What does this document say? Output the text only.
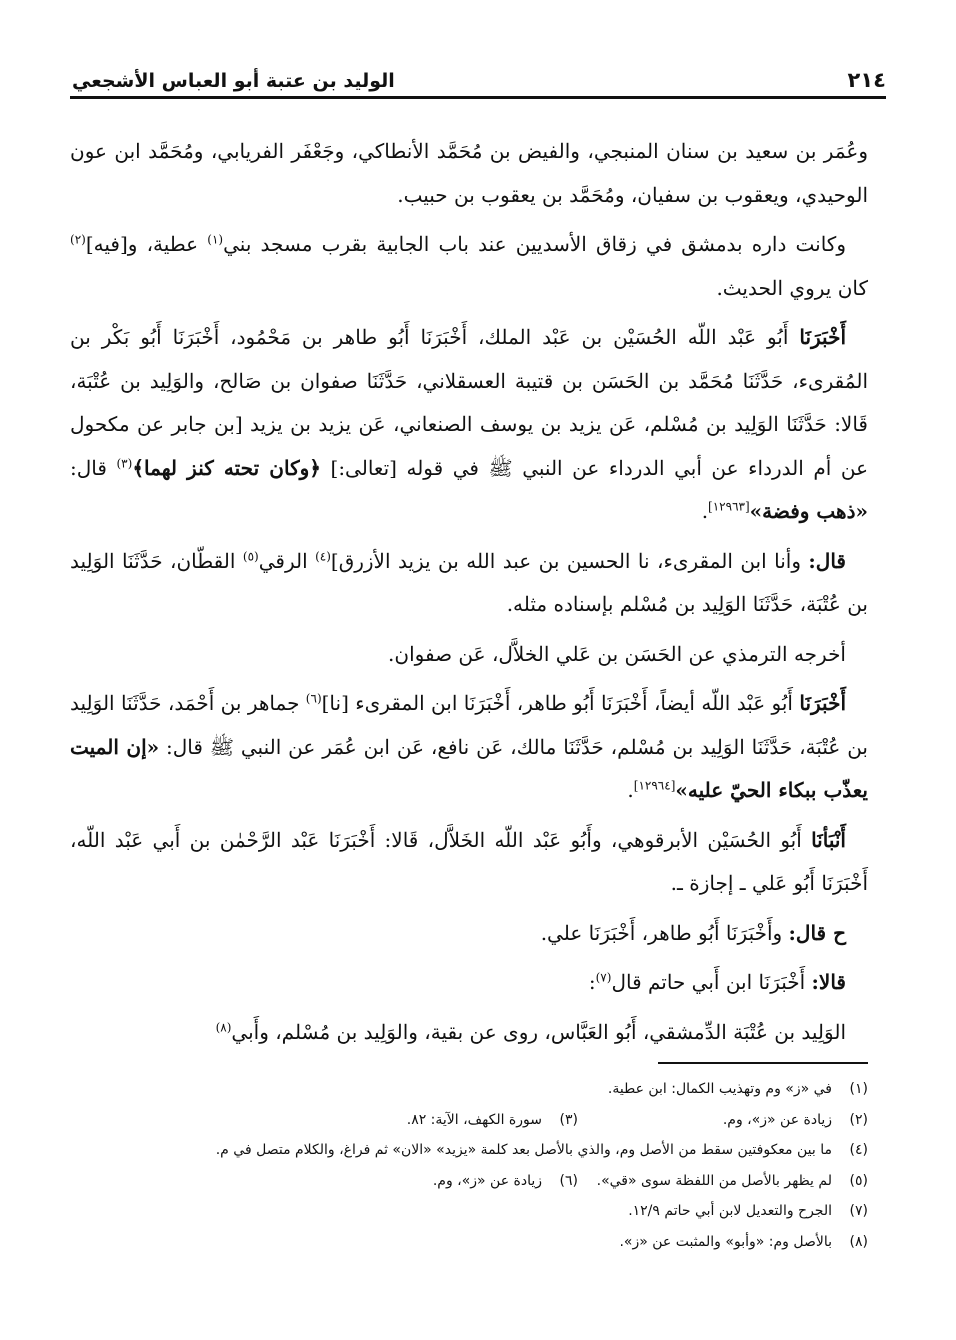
٢١٤
الوليد بن عتبة أبو العباس الأشجعي

وعُمَر بن سعيد بن سنان المنبجي، والفيض بن مُحَمَّد الأنطاكي، وجَعْفَر الفريابي، ومُحَمَّد ابن عون الوحيدي، ويعقوب بن سفيان، ومُحَمَّد بن يعقوب بن حبيب.

وكانت داره بدمشق في زقاق الأسديين عند باب الجابية بقرب مسجد بني$^{(١)}$ عطية، و[فيه]$^{(٢)}$ كان يروي الحديث.

أَخْبَرَنَا أَبُو عَبْد اللّه الحُسَيْن بن عَبْد الملك، أَخْبَرَنَا أَبُو طاهر بن مَحْمُود، أَخْبَرَنَا أَبُو بَكْر بن المُقرىء، حَدَّثَنَا مُحَمَّد بن الحَسَن بن قتيبة العسقلاني، حَدَّثَنَا صفوان بن صَالح، والوَلِيد بن عُتْبَة، قَالا: حَدَّثَنَا الوَلِيد بن مُسْلم، عَن يزيد بن يوسف الصنعاني، عَن يزيد بن يزيد [بن جابر عن مكحول عن أم الدرداء عن أبي الدرداء عن النبي ﷺ في قوله [تعالى:] ﴿وكان تحته كنز لهما﴾$^{(٣)}$ قال: «ذهب وفضة»[١٢٩٦٣].

قال: وأنا ابن المقرىء، نا الحسين بن عبد الله بن يزيد الأزرق]$^{(٤)}$ الرقي$^{(٥)}$ القطّان، حَدَّثَنَا الوَلِيد بن عُتْبَة، حَدَّثَنَا الوَلِيد بن مُسْلم بإسناده مثله.

أخرجه الترمذي عن الحَسَن بن عَلي الخلاَّل، عَن صفوان.

أَخْبَرَنَا أَبُو عَبْد اللّه أيضاً، أَخْبَرَنَا أَبُو طاهر، أَخْبَرَنَا ابن المقرىء [نا]$^{(٦)}$ جماهر بن أَحْمَد، حَدَّثَنَا الوَلِيد بن عُتْبَة، حَدَّثَنَا الوَلِيد بن مُسْلم، حَدَّثَنَا مالك، عَن نافع، عَن ابن عُمَر عن النبي ﷺ قال: «إن الميت يعذّب ببكاء الحيّ عليه»[١٢٩٦٤].

أَنْبَأنَا أَبُو الحُسَيْن الأبرقوهي، وأَبُو عَبْد اللّه الخَلاَّل، قَالا: أَخْبَرَنَا عَبْد الرَّحْمٰن بن أَبي عَبْد اللّه، أَخْبَرَنَا أَبُو عَلي ـ إجازة ـ.

ح قال: وأَخْبَرَنَا أَبُو طاهر، أَخْبَرَنَا علي.

قالا: أَخْبَرَنَا ابن أَبي حاتم قال$^{(٧)}$:

الوَلِيد بن عُتْبَة الدِّمشقي، أَبُو العَبَّاس، روى عن بقية، والوَلِيد بن مُسْلم، وأَبي$^{(٨)}$

(١)
في «ز» وم وتهذيب الكمال: ابن عطية.
(٢)
زيادة عن «ز»، وم.
(٣)
سورة الكهف، الآية: ٨٢.
(٤)
ما بين معكوفتين سقط من الأصل وم، والذي بالأصل بعد كلمة «يزيد» «الان» ثم فراغ، والكلام متصل في م.
(٥)
لم يظهر بالأصل من اللفظة سوى «قي».
(٦)
زيادة عن «ز»، وم.
(٧)
الجرح والتعديل لابن أبي حاتم ١٢/٩.
(٨)
بالأصل وم: «وأبو» والمثبت عن «ز».
